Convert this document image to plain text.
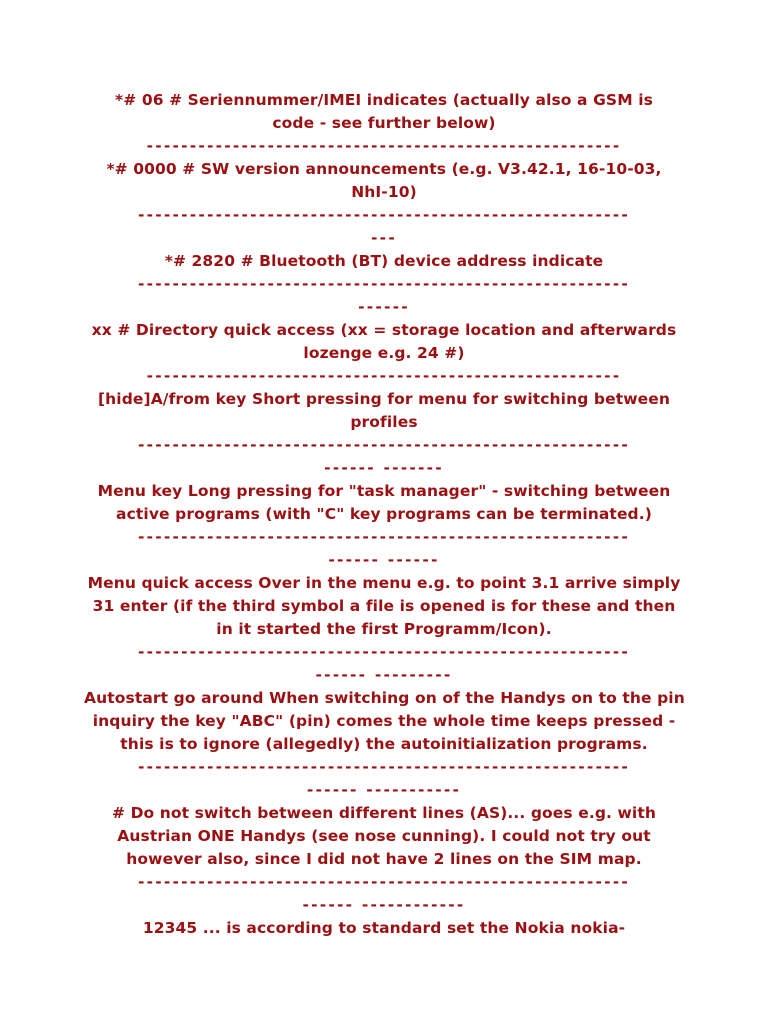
*# 06 # Seriennummer/IMEI indicates (actually also a GSM is
code - see further below)
-------------------------------------------------------
*# 0000 # SW version announcements (e.g. V3.42.1, 16-10-03,
NhI-10)
---------------------------------------------------------
---
*# 2820 # Bluetooth (BT) device address indicate
---------------------------------------------------------
------
xx # Directory quick access (xx = storage location and afterwards
lozenge e.g. 24 #)
-------------------------------------------------------
[hide]A/from key Short pressing for menu for switching between
profiles
---------------------------------------------------------
------ -------
Menu key Long pressing for "task manager" - switching between
active programs (with "C" key programs can be terminated.)
---------------------------------------------------------
------ ------
Menu quick access Over in the menu e.g. to point 3.1 arrive simply
31 enter (if the third symbol a file is opened is for these and then
in it started the first Programm/Icon).
---------------------------------------------------------
------ ---------
Autostart go around When switching on of the Handys on to the pin
inquiry the key "ABC" (pin) comes the whole time keeps pressed -
this is to ignore (allegedly) the autoinitialization programs.
---------------------------------------------------------
------ -----------
# Do not switch between different lines (AS)... goes e.g. with
Austrian ONE Handys (see nose cunning). I could not try out
however also, since I did not have 2 lines on the SIM map.
---------------------------------------------------------
------ ------------
12345 ... is according to standard set the Nokia nokia-
